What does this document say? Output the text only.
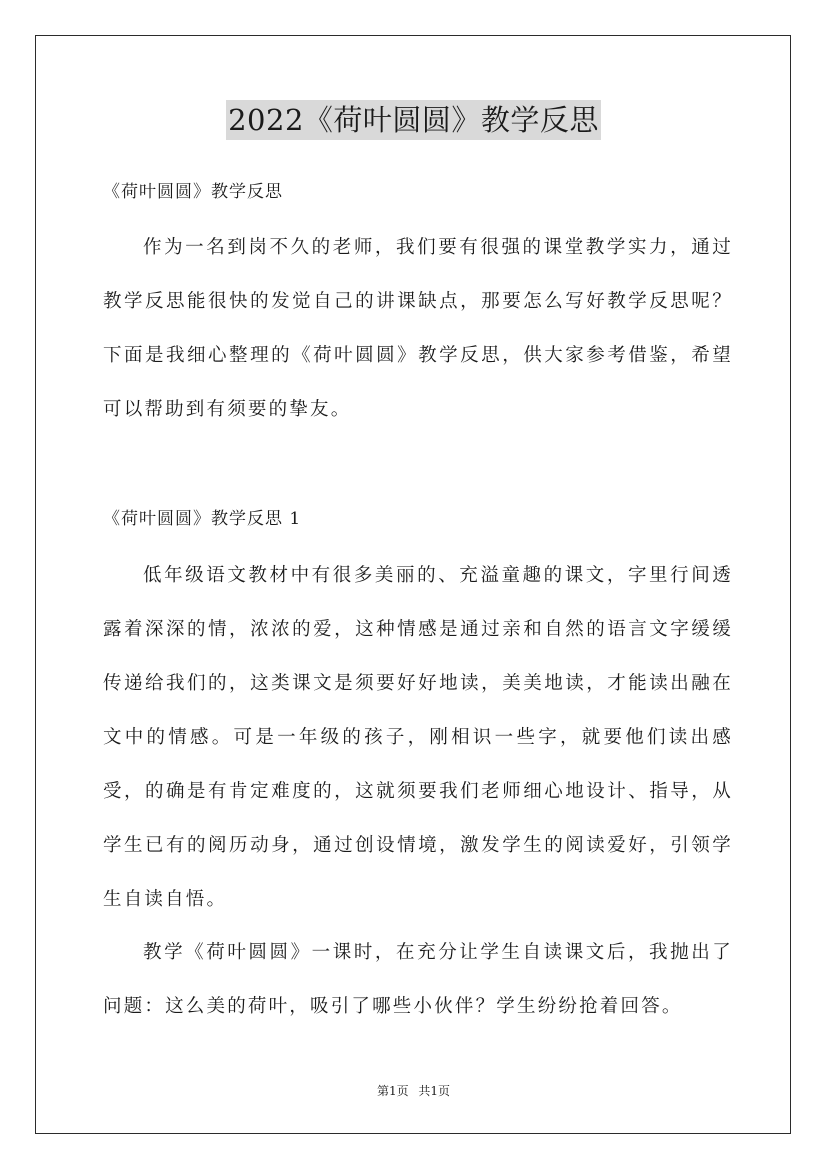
2022《荷叶圆圆》教学反思
《荷叶圆圆》教学反思

作为一名到岗不久的老师，我们要有很强的课堂教学实力，通过教学反思能很快的发觉自己的讲课缺点，那要怎么写好教学反思呢？下面是我细心整理的《荷叶圆圆》教学反思，供大家参考借鉴，希望可以帮助到有须要的挚友。

《荷叶圆圆》教学反思 1

低年级语文教材中有很多美丽的、充溢童趣的课文，字里行间透露着深深的情，浓浓的爱，这种情感是通过亲和自然的语言文字缓缓传递给我们的，这类课文是须要好好地读，美美地读，才能读出融在文中的情感。可是一年级的孩子，刚相识一些字，就要他们读出感受，的确是有肯定难度的，这就须要我们老师细心地设计、指导，从学生已有的阅历动身，通过创设情境，激发学生的阅读爱好，引领学生自读自悟。

教学《荷叶圆圆》一课时，在充分让学生自读课文后，我抛出了问题：这么美的荷叶，吸引了哪些小伙伴？学生纷纷抢着回答。

第1页 共1页
